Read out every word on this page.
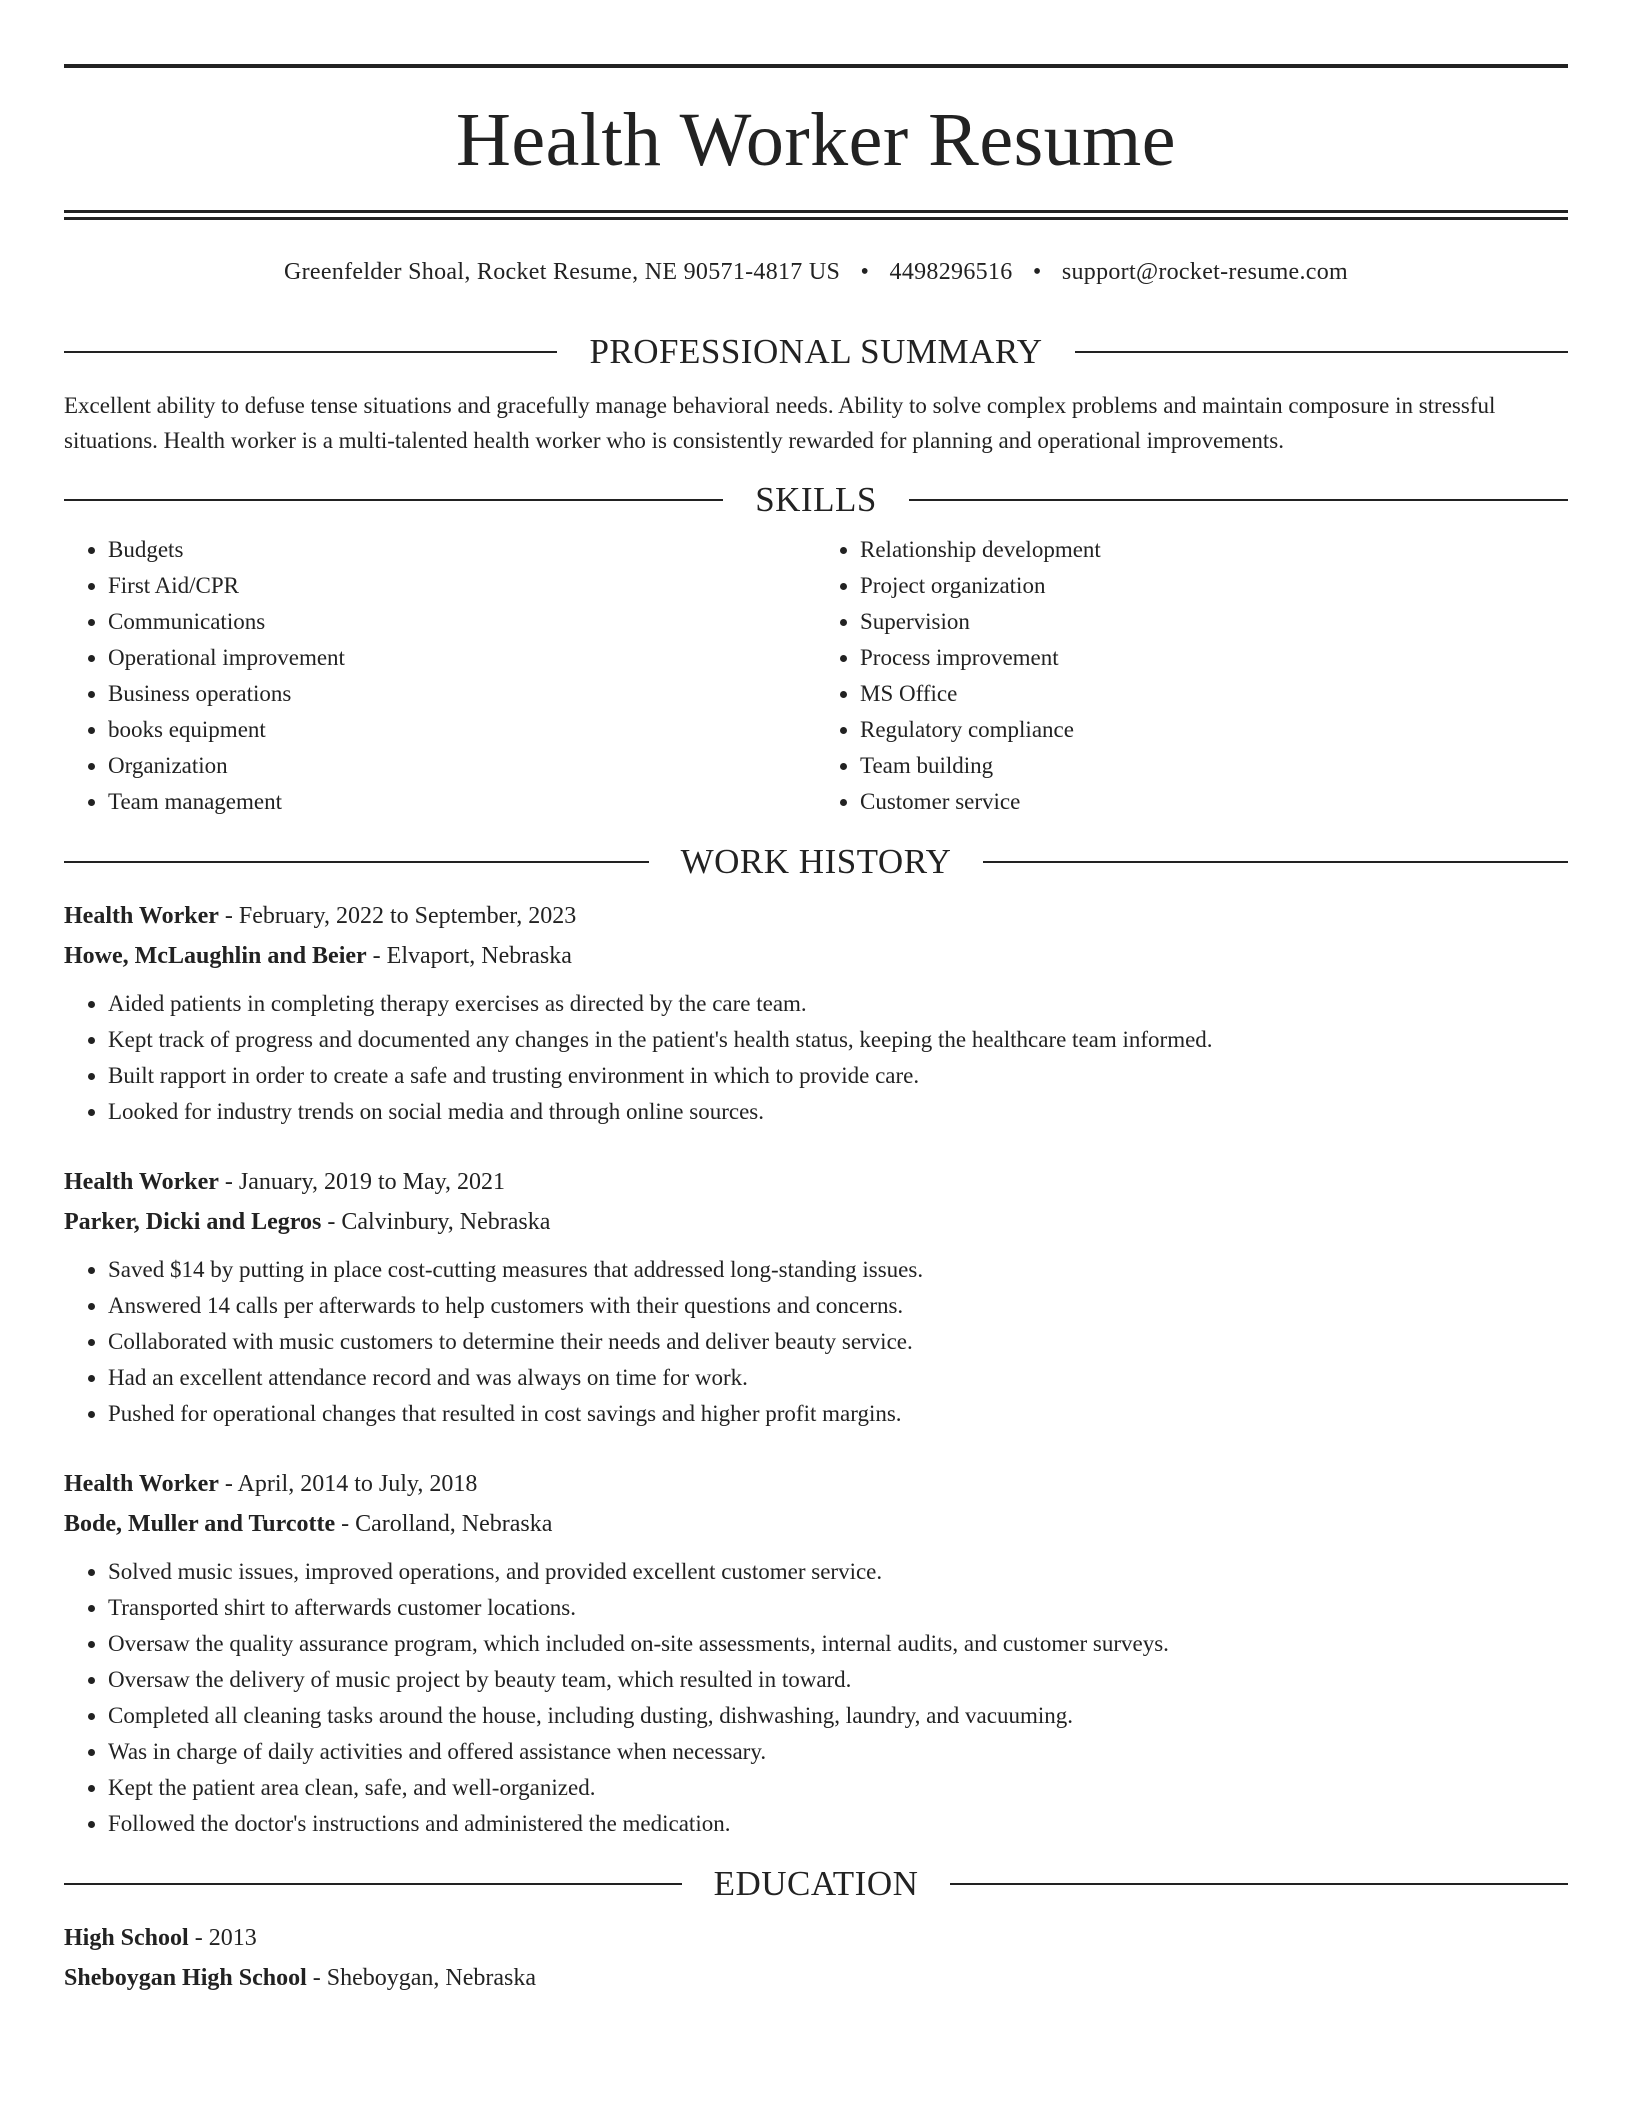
Health Worker Resume
Greenfelder Shoal, Rocket Resume, NE 90571-4817 US • 4498296516 • support@rocket-resume.com
PROFESSIONAL SUMMARY

Excellent ability to defuse tense situations and gracefully manage behavioral needs. Ability to solve complex problems and maintain composure in stressful situations. Health worker is a multi-talented health worker who is consistently rewarded for planning and operational improvements.

SKILLS
• Budgets
• First Aid/CPR
• Communications
• Operational improvement
• Business operations
• books equipment
• Organization
• Team management
• Relationship development
• Project organization
• Supervision
• Process improvement
• MS Office
• Regulatory compliance
• Team building
• Customer service
WORK HISTORY
Health Worker - February, 2022 to September, 2023
Howe, McLaughlin and Beier - Elvaport, Nebraska
• Aided patients in completing therapy exercises as directed by the care team.
• Kept track of progress and documented any changes in the patient's health status, keeping the healthcare team informed.
• Built rapport in order to create a safe and trusting environment in which to provide care.
• Looked for industry trends on social media and through online sources.
Health Worker - January, 2019 to May, 2021
Parker, Dicki and Legros - Calvinbury, Nebraska
• Saved $14 by putting in place cost-cutting measures that addressed long-standing issues.
• Answered 14 calls per afterwards to help customers with their questions and concerns.
• Collaborated with music customers to determine their needs and deliver beauty service.
• Had an excellent attendance record and was always on time for work.
• Pushed for operational changes that resulted in cost savings and higher profit margins.
Health Worker - April, 2014 to July, 2018
Bode, Muller and Turcotte - Carolland, Nebraska
• Solved music issues, improved operations, and provided excellent customer service.
• Transported shirt to afterwards customer locations.
• Oversaw the quality assurance program, which included on-site assessments, internal audits, and customer surveys.
• Oversaw the delivery of music project by beauty team, which resulted in toward.
• Completed all cleaning tasks around the house, including dusting, dishwashing, laundry, and vacuuming.
• Was in charge of daily activities and offered assistance when necessary.
• Kept the patient area clean, safe, and well-organized.
• Followed the doctor's instructions and administered the medication.
EDUCATION
High School - 2013
Sheboygan High School - Sheboygan, Nebraska
